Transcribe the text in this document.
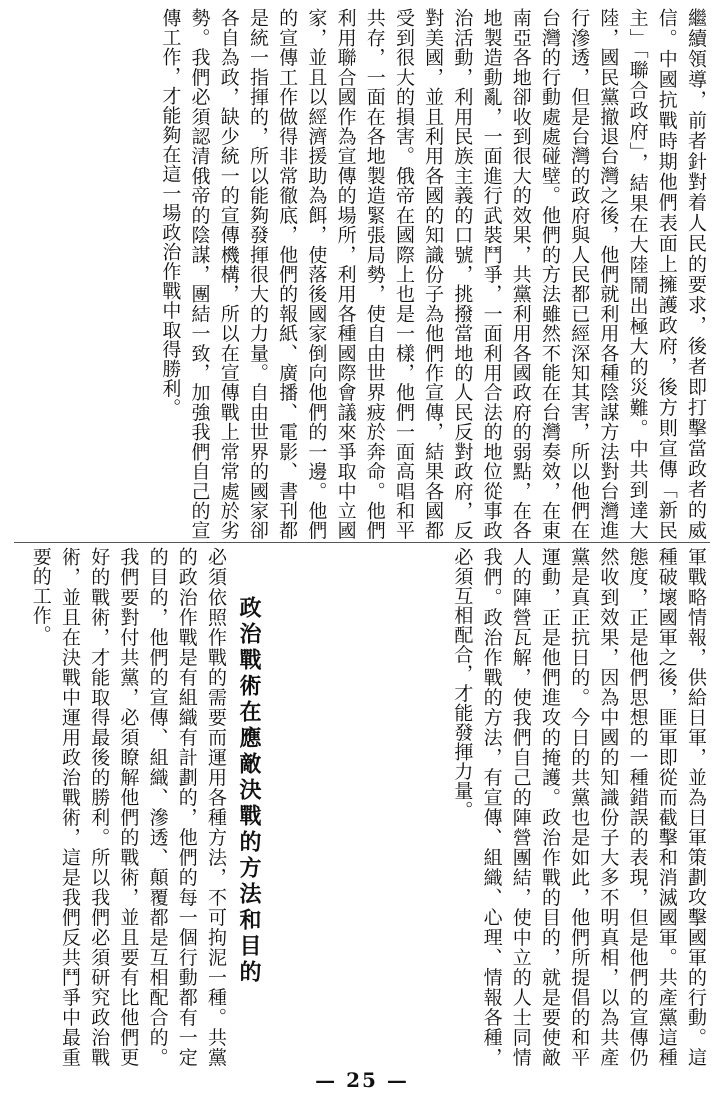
繼續領導，前者針對着人民的要求，後者即打擊當政者的威信。中國抗戰時期他們表面上擁護政府，後方則宣傳「新民主」「聯合政府」，結果在大陸鬧出極大的災難。中共到達大陸，國民黨撤退台灣之後，他們就利用各種陰謀方法對台灣進行滲透，但是台灣的政府與人民都已經深知其害，所以他們在台灣的行動處處碰壁。他們的方法雖然不能在台灣奏效，在東南亞各地卻收到很大的效果，共黨利用各國政府的弱點，在各地製造動亂，一面進行武裝鬥爭，一面利用合法的地位從事政治活動，利用民族主義的口號，挑撥當地的人民反對政府，反對美國，並且利用各國的知識份子為他們作宣傳，結果各國都受到很大的損害。俄帝在國際上也是一樣，他們一面高唱和平共存，一面在各地製造緊張局勢，使自由世界疲於奔命。他們利用聯合國作為宣傳的場所，利用各種國際會議來爭取中立國家，並且以經濟援助為餌，使落後國家倒向他們的一邊。他們的宣傳工作做得非常徹底，他們的報紙、廣播、電影、書刊都是統一指揮的，所以能夠發揮很大的力量。自由世界的國家卻各自為政，缺少統一的宣傳機構，所以在宣傳戰上常常處於劣勢。我們必須認清俄帝的陰謀，團結一致，加強我們自己的宣傳工作，才能夠在這一場政治作戰中取得勝利。
軍戰略情報，供給日軍，並為日軍策劃攻擊國軍的行動。這種破壞國軍之後，匪軍即從而截擊和消滅國軍。共產黨這種態度，正是他們思想的一種錯誤的表現，但是他們的宣傳仍然收到效果，因為中國的知識份子大多不明真相，以為共產黨是真正抗日的。今日的共黨也是如此，他們所提倡的和平運動，正是他們進攻的掩護。政治作戰的目的，就是要使敵人的陣營瓦解，使我們自己的陣營團結，使中立的人士同情我們。政治作戰的方法，有宣傳、組織、心理、情報各種，必須互相配合，才能發揮力量。
政治戰術在應敵決戰的方法和目的
必須依照作戰的需要而運用各種方法，不可拘泥一種。共黨的政治作戰是有組織有計劃的，他們的每一個行動都有一定的目的，他們的宣傳、組織、滲透、顛覆都是互相配合的。我們要對付共黨，必須瞭解他們的戰術，並且要有比他們更好的戰術，才能取得最後的勝利。所以我們必須研究政治戰術，並且在決戰中運用政治戰術，這是我們反共鬥爭中最重要的工作。
— 25 —
